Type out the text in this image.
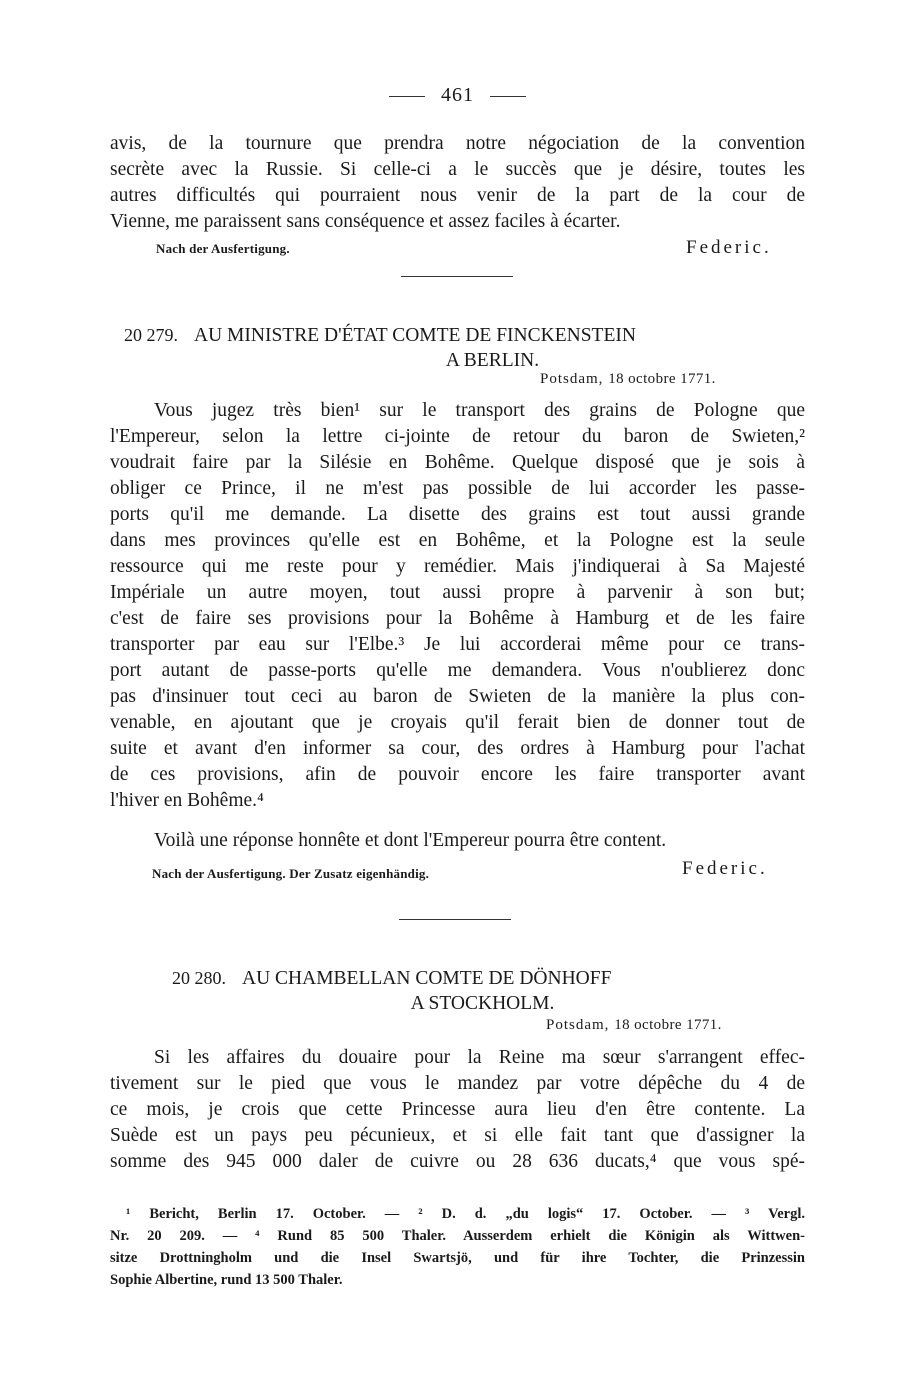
461
avis, de la tournure que prendra notre négociation de la convention
secrète avec la Russie. Si celle-ci a le succès que je désire, toutes les
autres difficultés qui pourraient nous venir de la part de la cour de
Vienne, me paraissent sans conséquence et assez faciles à écarter.
Nach der Ausfertigung.	Federic.
20 279. AU MINISTRE D'ÉTAT COMTE DE FINCKENSTEIN
A BERLIN.
Potsdam, 18 octobre 1771.
Vous jugez très bien¹ sur le transport des grains de Pologne que
l'Empereur, selon la lettre ci-jointe de retour du baron de Swieten,²
voudrait faire par la Silésie en Bohême. Quelque disposé que je sois à
obliger ce Prince, il ne m'est pas possible de lui accorder les passe-
ports qu'il me demande. La disette des grains est tout aussi grande
dans mes provinces qu'elle est en Bohême, et la Pologne est la seule
ressource qui me reste pour y remédier. Mais j'indiquerai à Sa Majesté
Impériale un autre moyen, tout aussi propre à parvenir à son but;
c'est de faire ses provisions pour la Bohême à Hamburg et de les faire
transporter par eau sur l'Elbe.³ Je lui accorderai même pour ce trans-
port autant de passe-ports qu'elle me demandera. Vous n'oublierez donc
pas d'insinuer tout ceci au baron de Swieten de la manière la plus con-
venable, en ajoutant que je croyais qu'il ferait bien de donner tout de
suite et avant d'en informer sa cour, des ordres à Hamburg pour l'achat
de ces provisions, afin de pouvoir encore les faire transporter avant
l'hiver en Bohême.⁴
Voilà une réponse honnête et dont l'Empereur pourra être content.
Nach der Ausfertigung. Der Zusatz eigenhändig.	Federic.
20 280. AU CHAMBELLAN COMTE DE DÖNHOFF
A STOCKHOLM.
Potsdam, 18 octobre 1771.
Si les affaires du douaire pour la Reine ma sœur s'arrangent effec-
tivement sur le pied que vous le mandez par votre dépêche du 4 de
ce mois, je crois que cette Princesse aura lieu d'en être contente. La
Suède est un pays peu pécunieux, et si elle fait tant que d'assigner la
somme des 945 000 daler de cuivre ou 28 636 ducats,⁴ que vous spé-
¹ Bericht, Berlin 17. October. — ² D. d. „du logis“ 17. October. — ³ Vergl.
Nr. 20 209. — ⁴ Rund 85 500 Thaler. Ausserdem erhielt die Königin als Wittwen-
sitze Drottningholm und die Insel Swartsjö, und für ihre Tochter, die Prinzessin
Sophie Albertine, rund 13 500 Thaler.
